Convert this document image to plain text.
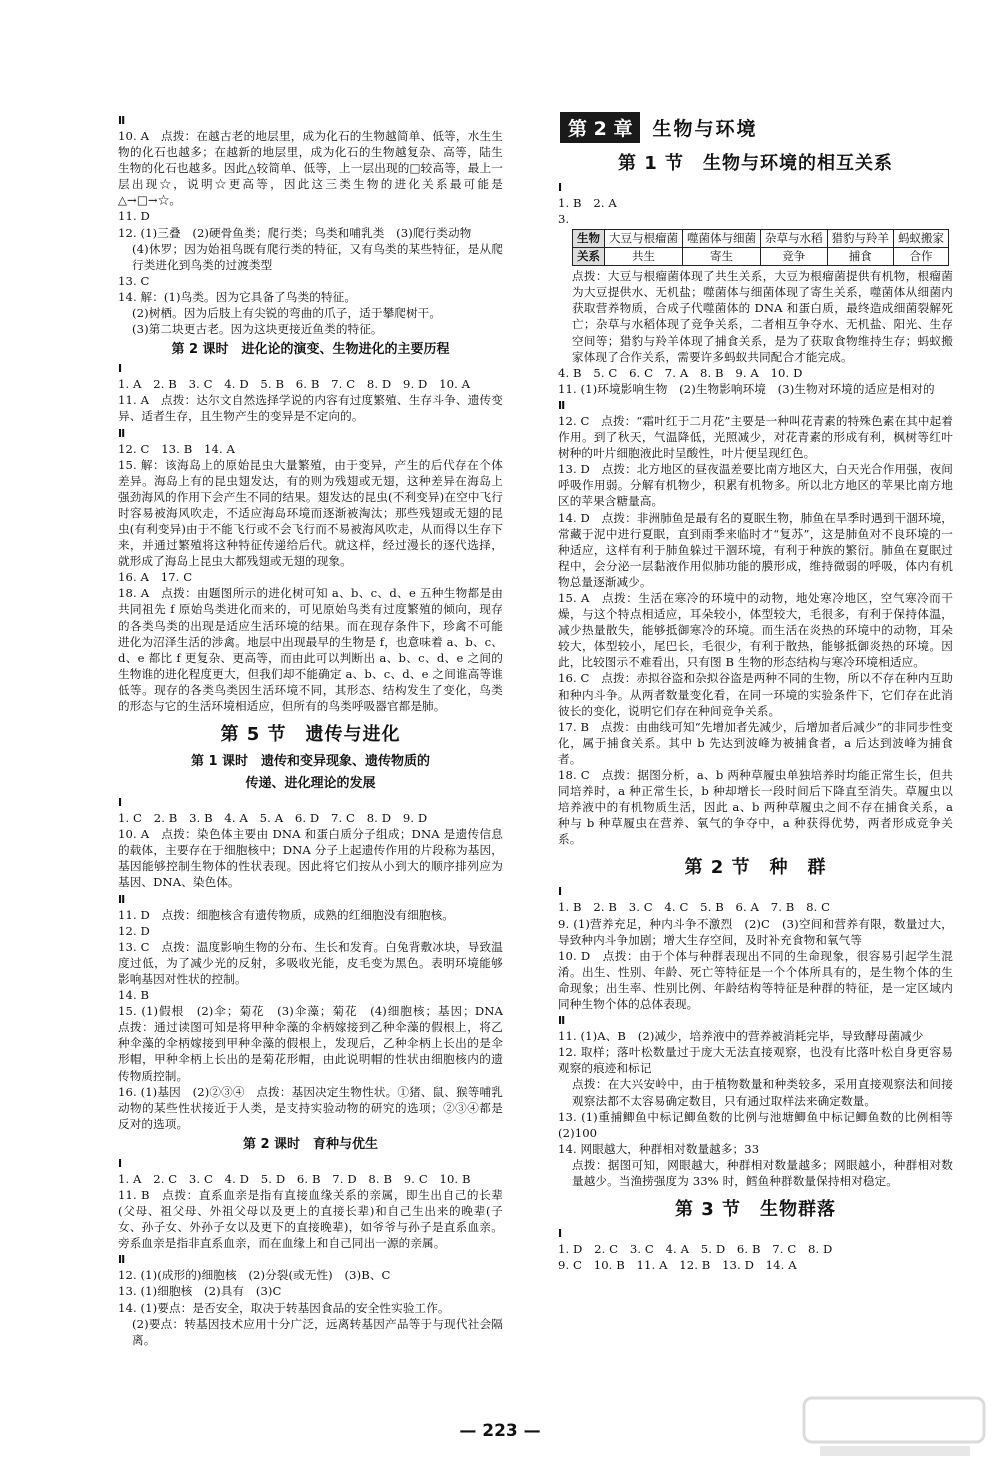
Ⅱ
10. A　点拨：在越古老的地层里，成为化石的生物越简单、低等，水生生物的化石也越多；在越新的地层里，成为化石的生物越复杂、高等，陆生生物的化石也越多。因此△较简单、低等，上一层出现的□较高等，最上一层出现☆，说明☆更高等，因此这三类生物的进化关系最可能是△→□→☆。
11. D
12. (1)三叠　(2)硬骨鱼类；爬行类；鸟类和哺乳类　(3)爬行类动物
(4)休罗；因为始祖鸟既有爬行类的特征，又有鸟类的某些特征，是从爬行类进化到鸟类的过渡类型
13. C
14. 解：(1)鸟类。因为它具备了鸟类的特征。
(2)树栖。因为后肢上有尖锐的弯曲的爪子，适于攀爬树干。
(3)第二块更古老。因为这块更接近鱼类的特征。
第 2 课时　进化论的演变、生物进化的主要历程
Ⅰ
1. A　2. B　3. C　4. D　5. B　6. B　7. C　8. D　9. D　10. A
11. A　点拨：达尔文自然选择学说的内容有过度繁殖、生存斗争、遗传变异、适者生存，且生物产生的变异是不定向的。
Ⅱ
12. C　13. B　14. A
15. 解：该海岛上的原始昆虫大量繁殖，由于变异，产生的后代存在个体差异。海岛上有的昆虫翅发达，有的则为残翅或无翅，这种差异在海岛上强劲海风的作用下会产生不同的结果。翅发达的昆虫(不利变异)在空中飞行时容易被海风吹走，不适应海岛环境而逐渐被淘汰；那些残翅或无翅的昆虫(有利变异)由于不能飞行或不会飞行而不易被海风吹走，从而得以生存下来，并通过繁殖将这种特征传递给后代。就这样，经过漫长的逐代选择，就形成了海岛上昆虫大都残翅或无翅的现象。
16. A　17. C
18. A　点拨：由题图所示的进化树可知 a、b、c、d、e 五种生物都是由共同祖先 f 原始鸟类进化而来的，可见原始鸟类有过度繁殖的倾向，现存的各类鸟类的出现是适应生活环境的结果。而在现存条件下，珍禽不可能进化为沼泽生活的涉禽。地层中出现最早的生物是 f，也意味着 a、b、c、d、e 都比 f 更复杂、更高等，而由此可以判断出 a、b、c、d、e 之间的生物谁的进化程度更大，但我们却不能确定 a、b、c、d、e 之间谁高等谁低等。现存的各类鸟类因生活环境不同，其形态、结构发生了变化，鸟类的形态与它的生活环境相适应，但所有的鸟类呼吸器官都是肺。
第 5 节　遗传与进化
第 1 课时　遗传和变异现象、遗传物质的
传递、进化理论的发展
Ⅰ
1. C　2. B　3. B　4. A　5. A　6. D　7. C　8. D　9. D
10. A　点拨：染色体主要由 DNA 和蛋白质分子组成；DNA 是遗传信息的载体，主要存在于细胞核中；DNA 分子上起遗传作用的片段称为基因，基因能够控制生物体的性状表现。因此将它们按从小到大的顺序排列应为基因、DNA、染色体。
Ⅱ
11. D　点拨：细胞核含有遗传物质，成熟的红细胞没有细胞核。
12. D
13. C　点拨：温度影响生物的分布、生长和发育。白兔背敷冰块，导致温度过低，为了减少光的反射，多吸收光能，皮毛变为黑色。表明环境能够影响基因对性状的控制。
14. B
15. (1)假根　(2)伞；菊花　(3)伞藻；菊花　(4)细胞核；基因；DNA　点拨：通过读图可知是将甲种伞藻的伞柄嫁接到乙种伞藻的假根上，将乙种伞藻的伞柄嫁接到甲种伞藻的假根上，发现后，乙种伞柄上长出的是伞形帽，甲种伞柄上长出的是菊花形帽，由此说明帽的性状由细胞核内的遗传物质控制。
16. (1)基因　(2)②③④　点拨：基因决定生物性状。①猪、鼠、猴等哺乳动物的某些性状接近于人类，是支持实验动物的研究的选项；②③④都是反对的选项。
第 2 课时　育种与优生
Ⅰ
1. A　2. C　3. C　4. D　5. D　6. B　7. D　8. B　9. C　10. B
11. B　点拨：直系血亲是指有直接血缘关系的亲属，即生出自己的长辈(父母、祖父母、外祖父母以及更上的直接长辈)和自己生出来的晚辈(子女、孙子女、外孙子女以及更下的直接晚辈)，如爷爷与孙子是直系血亲。旁系血亲是指非直系血亲，而在血缘上和自己同出一源的亲属。
Ⅱ
12. (1)(成形的)细胞核　(2)分裂(或无性)　(3)B、C
13. (1)细胞核　(2)具有　(3)C
14. (1)要点：是否安全，取决于转基因食品的安全性实验工作。
(2)要点：转基因技术应用十分广泛，远离转基因产品等于与现代社会隔离。
第 2 章	生物与环境
第 1 节　生物与环境的相互关系
Ⅰ
1. B　2. A
3.
生物	大豆与根瘤菌	噬菌体与细菌	杂草与水稻	猎豹与羚羊	蚂蚁搬家
关系	共生	寄生	竞争	捕食	合作
点拨：大豆与根瘤菌体现了共生关系，大豆为根瘤菌提供有机物，根瘤菌为大豆提供水、无机盐；噬菌体与细菌体现了寄生关系，噬菌体从细菌内获取营养物质，合成子代噬菌体的 DNA 和蛋白质，最终造成细菌裂解死亡；杂草与水稻体现了竞争关系，二者相互争夺水、无机盐、阳光、生存空间等；猎豹与羚羊体现了捕食关系，是为了获取食物维持生存；蚂蚁搬家体现了合作关系，需要许多蚂蚁共同配合才能完成。
4. B　5. C　6. C　7. A　8. B　9. A　10. D
11. (1)环境影响生物　(2)生物影响环境　(3)生物对环境的适应是相对的
Ⅱ
12. C　点拨：“霜叶红于二月花”主要是一种叫花青素的特殊色素在其中起着作用。到了秋天，气温降低，光照减少，对花青素的形成有利，枫树等红叶树种的叶片细胞液此时呈酸性，叶片便呈现红色。
13. D　点拨：北方地区的昼夜温差要比南方地区大，白天光合作用强，夜间呼吸作用弱。分解有机物少，积累有机物多。所以北方地区的苹果比南方地区的苹果含糖量高。
14. D　点拨：非洲肺鱼是最有名的夏眠生物，肺鱼在旱季时遇到干涸环境，常藏于泥中进行夏眠，直到雨季来临时才“复苏”，这是肺鱼对不良环境的一种适应，这样有利于肺鱼躲过干涸环境，有利于种族的繁衍。肺鱼在夏眠过程中，会分泌一层黏液作用似肺功能的膜形成，维持微弱的呼吸，体内有机物总量逐渐减少。
15. A　点拨：生活在寒冷的环境中的动物，地处寒冷地区，空气寒冷而干燥，与这个特点相适应，耳朵较小，体型较大，毛很多，有利于保持体温，减少热量散失，能够抵御寒冷的环境。而生活在炎热的环境中的动物，耳朵较大，体型较小，尾巴长，毛很少，有利于散热，能够抵御炎热的环境。因此，比较图示不难看出，只有图 B 生物的形态结构与寒冷环境相适应。
16. C　点拨：赤拟谷盗和杂拟谷盗是两种不同的生物，所以不存在种内互助和种内斗争。从两者数量变化看，在同一环境的实验条件下，它们存在此消彼长的变化，说明它们存在种间竞争关系。
17. B　点拨：由曲线可知“先增加者先减少，后增加者后减少”的非同步性变化，属于捕食关系。其中 b 先达到波峰为被捕食者，a 后达到波峰为捕食者。
18. C　点拨：据图分析，a、b 两种草履虫单独培养时均能正常生长，但共同培养时，a 种正常生长，b 种却增长一段时间后下降直至消失。草履虫以培养液中的有机物质生活，因此 a、b 两种草履虫之间不存在捕食关系，a 种与 b 种草履虫在营养、氧气的争夺中，a 种获得优势，两者形成竞争关系。
第 2 节　种　群
Ⅰ
1. B　2. B　3. C　4. C　5. B　6. A　7. B　8. C
9. (1)营养充足，种内斗争不激烈　(2)C　(3)空间和营养有限，数量过大，导致种内斗争加剧；增大生存空间，及时补充食物和氧气等
10. D　点拨：由于个体与种群表现出不同的生命现象，很容易引起学生混淆。出生、性别、年龄、死亡等特征是一个个体所具有的，是生物个体的生命现象；出生率、性别比例、年龄结构等特征是种群的特征，是一定区域内同种生物个体的总体表现。
Ⅱ
11. (1)A、B　(2)减少，培养液中的营养被消耗完毕，导致酵母菌减少
12. 取样；落叶松数量过于庞大无法直接观察，也没有比落叶松自身更容易观察的痕迹和标记
点拨：在大兴安岭中，由于植物数量和种类较多，采用直接观察法和间接观察法都不太容易确定数目，只有通过取样法来确定数量。
13. (1)重捕鲫鱼中标记鲫鱼数的比例与池塘鲫鱼中标记鲫鱼数的比例相等　(2)100
14. 网眼越大，种群相对数量越多；33
点拨：据图可知，网眼越大，种群相对数量越多；网眼越小，种群相对数量越少。当渔捞强度为 33% 时，鳕鱼种群数量保持相对稳定。
第 3 节　生物群落
Ⅰ
1. D　2. C　3. C　4. A　5. D　6. B　7. C　8. D
9. C　10. B　11. A　12. B　13. D　14. A
— 223 —
